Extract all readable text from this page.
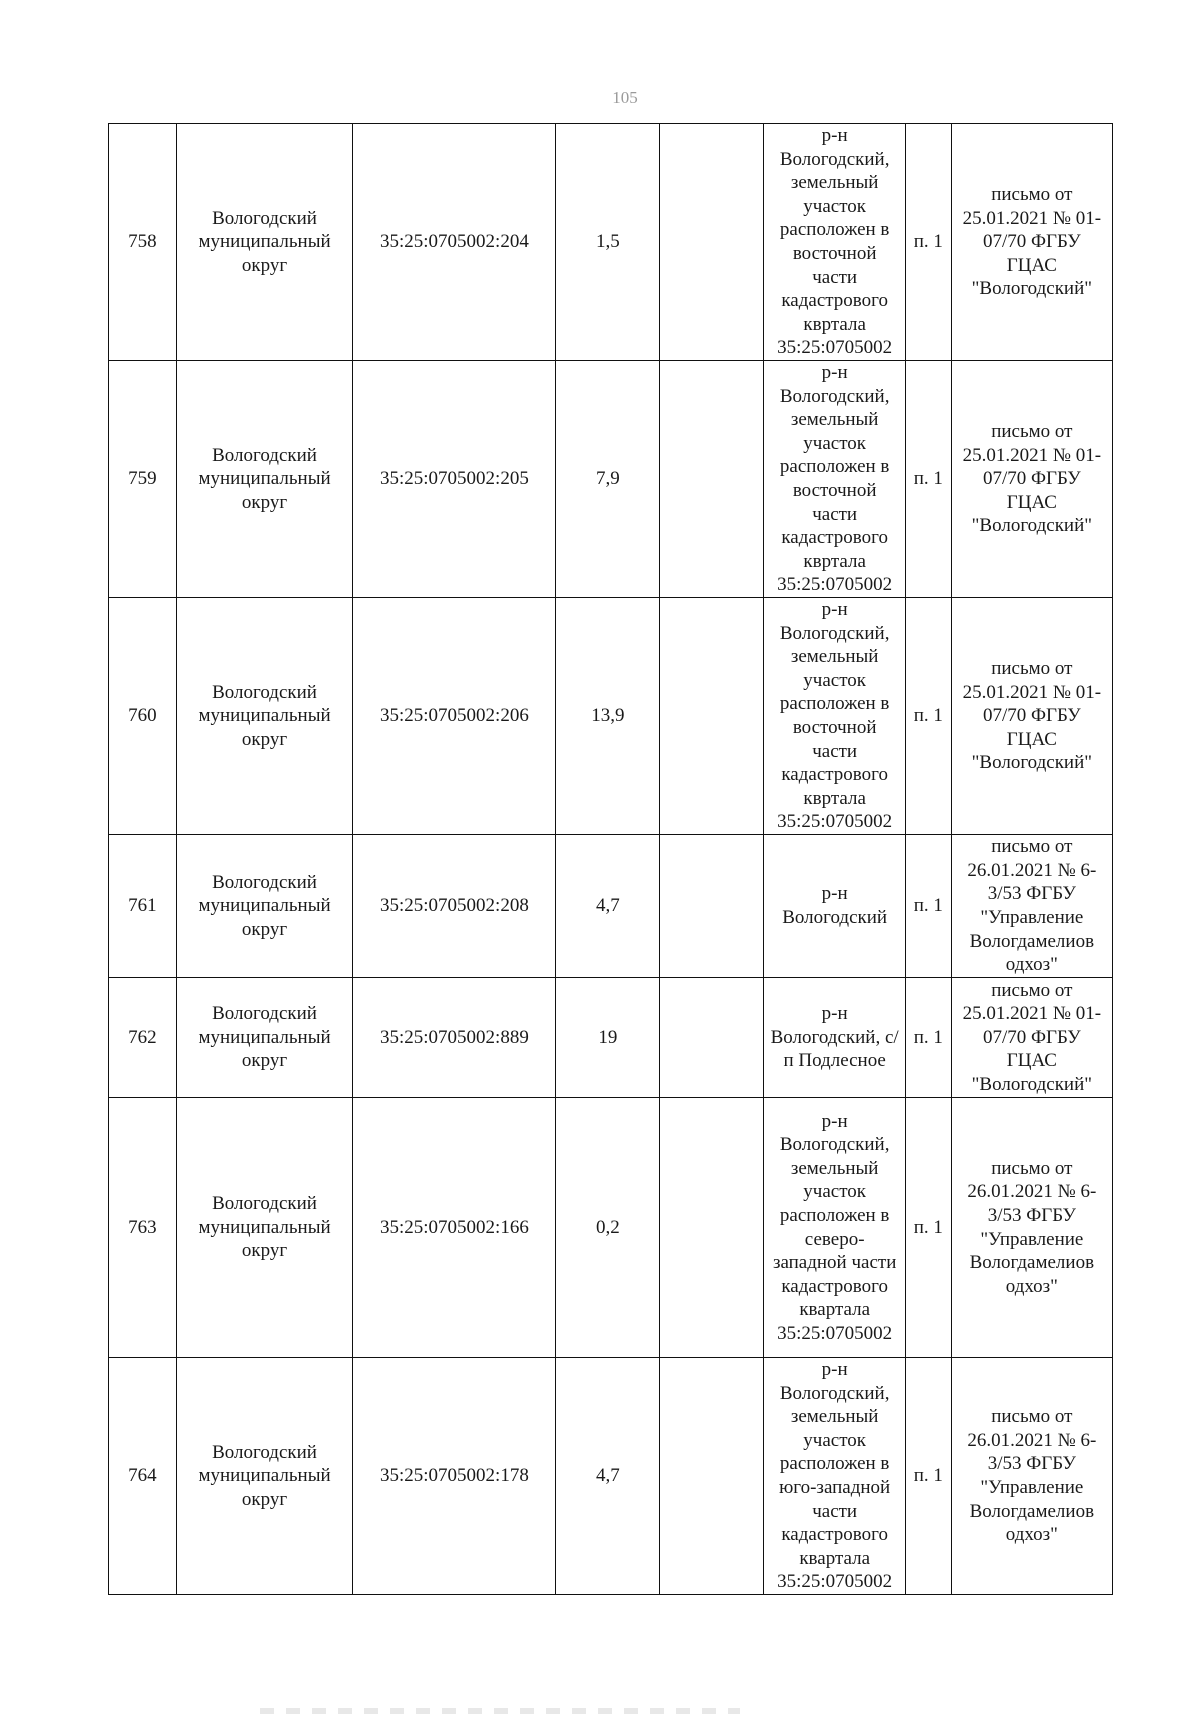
105
758	Вологодский муниципальный округ	35:25:0705002:204	1,5		р-н Вологодский, земельный участок расположен в восточной части кадастрового квртала 35:25:0705002	п. 1	письмо от 25.01.2021 № 01-07/70 ФГБУ ГЦАС "Вологодский"
759	Вологодский муниципальный округ	35:25:0705002:205	7,9		р-н Вологодский, земельный участок расположен в восточной части кадастрового квртала 35:25:0705002	п. 1	письмо от 25.01.2021 № 01-07/70 ФГБУ ГЦАС "Вологодский"
760	Вологодский муниципальный округ	35:25:0705002:206	13,9		р-н Вологодский, земельный участок расположен в восточной части кадастрового квртала 35:25:0705002	п. 1	письмо от 25.01.2021 № 01-07/70 ФГБУ ГЦАС "Вологодский"
761	Вологодский муниципальный округ	35:25:0705002:208	4,7		р-н Вологодский	п. 1	письмо от 26.01.2021 № 6-3/53 ФГБУ "Управление Вологдамелиов одхоз"
762	Вологодский муниципальный округ	35:25:0705002:889	19		р-н Вологодский, с/п Подлесное	п. 1	письмо от 25.01.2021 № 01-07/70 ФГБУ ГЦАС "Вологодский"
763	Вологодский муниципальный округ	35:25:0705002:166	0,2		р-н Вологодский, земельный участок расположен в северо-западной части кадастрового квартала 35:25:0705002	п. 1	письмо от 26.01.2021 № 6-3/53 ФГБУ "Управление Вологдамелиов одхоз"
764	Вологодский муниципальный округ	35:25:0705002:178	4,7		р-н Вологодский, земельный участок расположен в юго-западной части кадастрового квартала 35:25:0705002	п. 1	письмо от 26.01.2021 № 6-3/53 ФГБУ "Управление Вологдамелиов одхоз"
